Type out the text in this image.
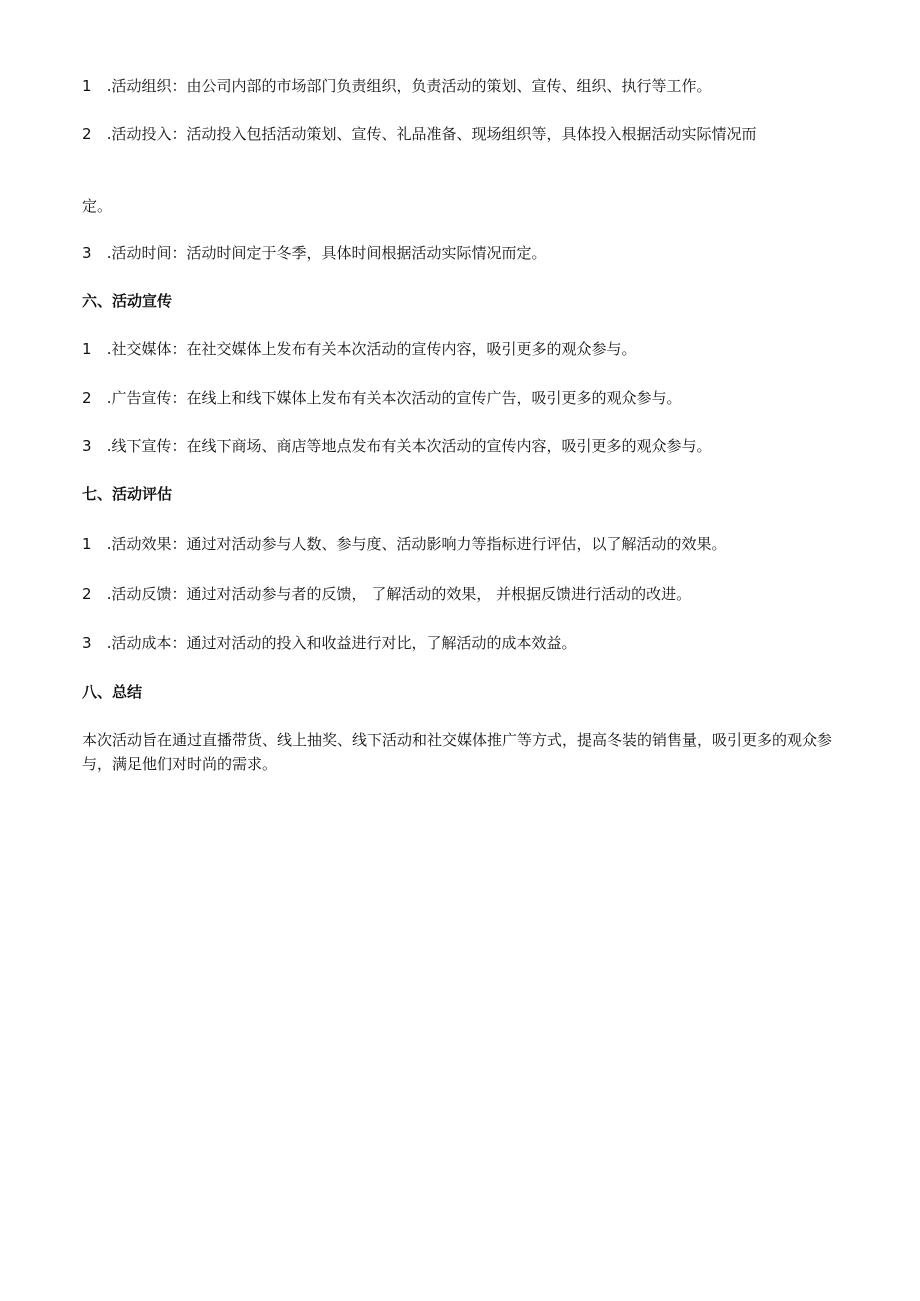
1 .活动组织：由公司内部的市场部门负责组织，负责活动的策划、宣传、组织、执行等工作。
2 .活动投入：活动投入包括活动策划、宣传、礼品准备、现场组织等，具体投入根据活动实际情况而
定。
3 .活动时间：活动时间定于冬季，具体时间根据活动实际情况而定。
六、活动宣传
1 .社交媒体：在社交媒体上发布有关本次活动的宣传内容，吸引更多的观众参与。
2 .广告宣传：在线上和线下媒体上发布有关本次活动的宣传广告，吸引更多的观众参与。
3 .线下宣传：在线下商场、商店等地点发布有关本次活动的宣传内容，吸引更多的观众参与。
七、活动评估
1 .活动效果：通过对活动参与人数、参与度、活动影响力等指标进行评估，以了解活动的效果。
2 .活动反馈：通过对活动参与者的反馈， 了解活动的效果， 并根据反馈进行活动的改进。
3 .活动成本：通过对活动的投入和收益进行对比，了解活动的成本效益。
八、总结
本次活动旨在通过直播带货、线上抽奖、线下活动和社交媒体推广等方式，提高冬装的销售量，吸引更多的观众参与，满足他们对时尚的需求。
